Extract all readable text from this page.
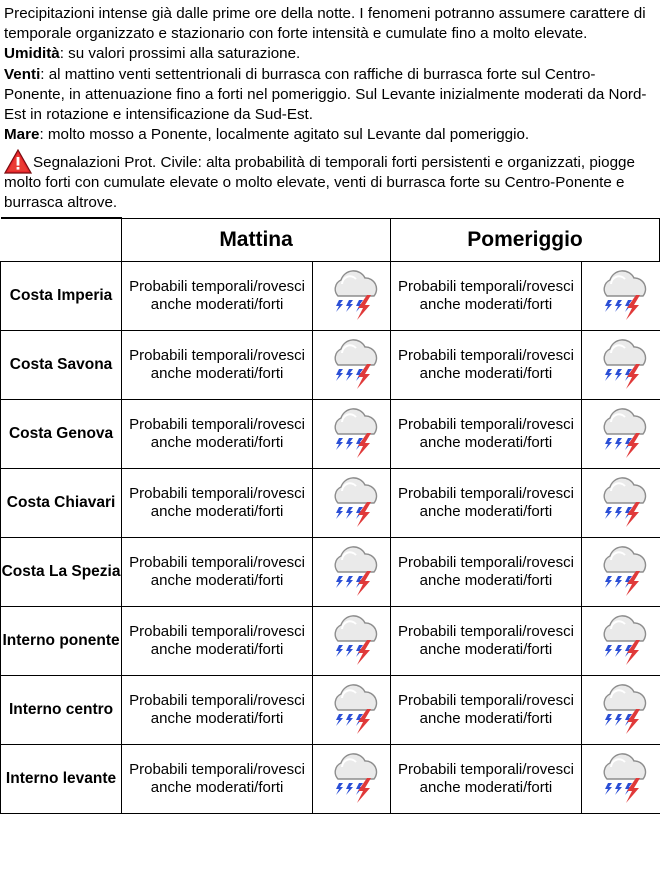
Precipitazioni intense già dalle prime ore della notte. I fenomeni potranno assumere carattere di temporale organizzato e stazionario con forte intensità e cumulate fino a molto elevate.

Umidità: su valori prossimi alla saturazione.

Venti: al mattino venti settentrionali di burrasca con raffiche di burrasca forte sul Centro-Ponente, in attenuazione fino a forti nel pomeriggio. Sul Levante inizialmente moderati da Nord-Est in rotazione e intensificazione da Sud-Est.

Mare: molto mosso a Ponente, localmente agitato sul Levante dal pomeriggio.

Segnalazioni Prot. Civile: alta probabilità di temporali forti persistenti e organizzati, piogge molto forti con cumulate elevate o molto elevate, venti di burrasca forte su Centro-Ponente e burrasca altrove.
	Mattina		Pomeriggio	
Costa Imperia	Probabili temporali/rovesci anche moderati/forti		Probabili temporali/rovesci anche moderati/forti	

Costa Savona	Probabili temporali/rovesci anche moderati/forti		Probabili temporali/rovesci anche moderati/forti	

Costa Genova	Probabili temporali/rovesci anche moderati/forti		Probabili temporali/rovesci anche moderati/forti	

Costa Chiavari	Probabili temporali/rovesci anche moderati/forti		Probabili temporali/rovesci anche moderati/forti	

Costa La Spezia	Probabili temporali/rovesci anche moderati/forti		Probabili temporali/rovesci anche moderati/forti	

Interno ponente	Probabili temporali/rovesci anche moderati/forti		Probabili temporali/rovesci anche moderati/forti	

Interno centro	Probabili temporali/rovesci anche moderati/forti		Probabili temporali/rovesci anche moderati/forti	

Interno levante	Probabili temporali/rovesci anche moderati/forti		Probabili temporali/rovesci anche moderati/forti	
